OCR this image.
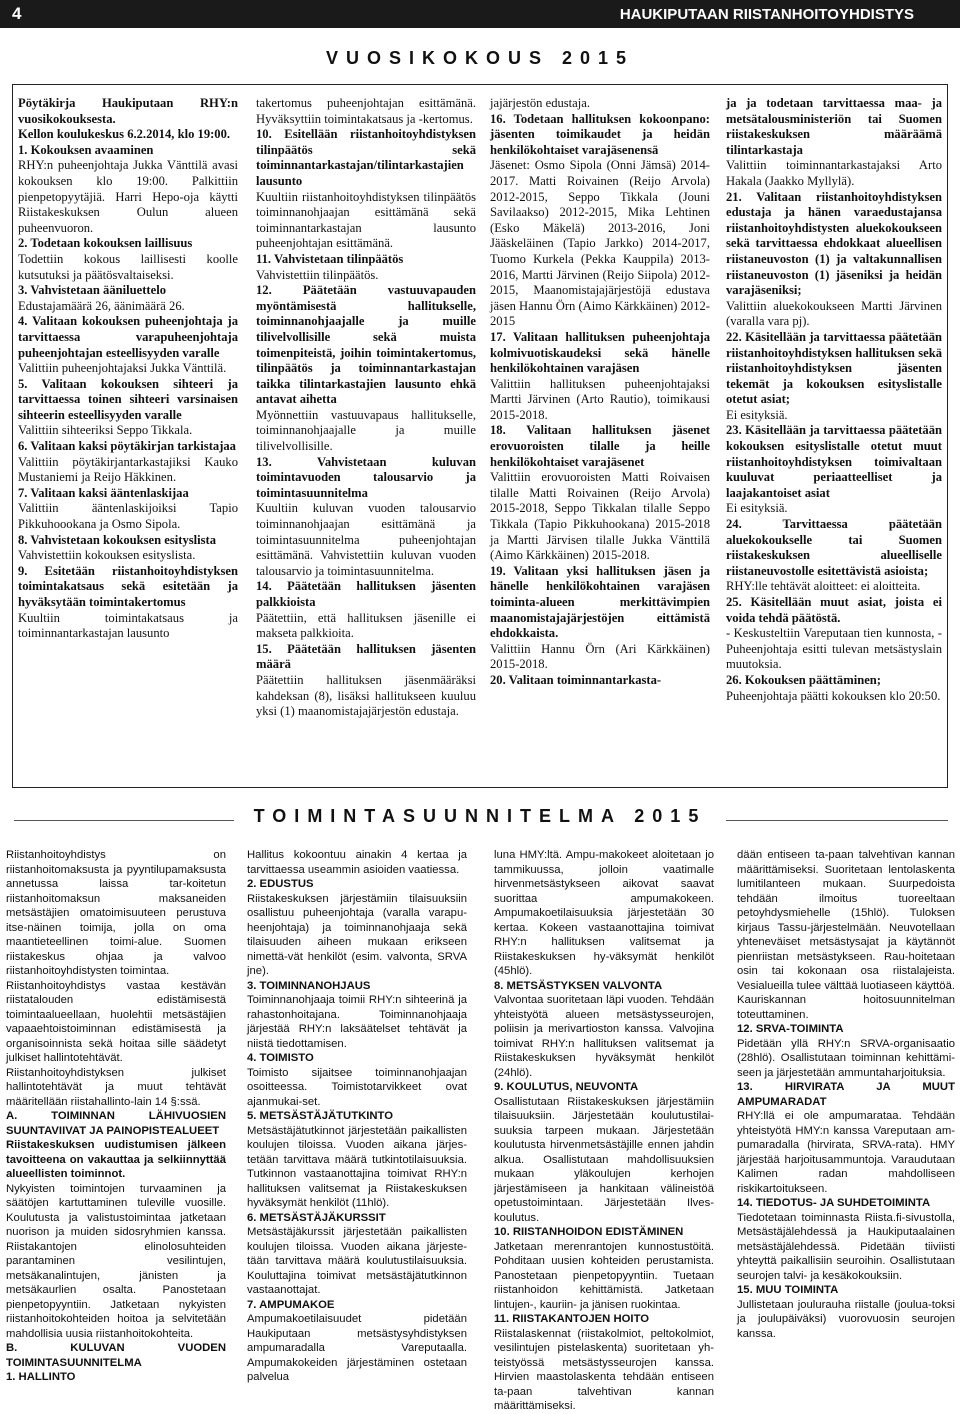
4	HAUKIPUTAAN RIISTANHOITOYHDISTYS
VUOSIKOKOUS 2015

Pöytäkirja Haukiputaan RHY:n vuosikokouksesta.

Kellon koulukeskus 6.2.2014, klo 19:00.

1. Kokouksen avaaminen

RHY:n puheenjohtaja Jukka Vänttilä avasi kokouksen klo 19:00. Palkittiin pienpetopyytäjiä. Harri Hepo-oja käytti Riistakeskuksen Oulun alueen puheenvuoron.

2. Todetaan kokouksen laillisuus

Todettiin kokous laillisesti koolle kutsutuksi ja päätösvaltaiseksi.

3. Vahvistetaan ääniluettelo

Edustajamäärä 26, äänimäärä 26.

4. Valitaan kokouksen puheenjohtaja ja tarvittaessa varapuheenjohtaja puheenjohtajan esteellisyyden varalle

Valittiin puheenjohtajaksi Jukka Vänttilä.

5. Valitaan kokouksen sihteeri ja tarvittaessa toinen sihteeri varsinaisen sihteerin esteellisyyden varalle

Valittiin sihteeriksi Seppo Tikkala.

6. Valitaan kaksi pöytäkirjan tarkistajaa

Valittiin pöytäkirjantarkastajiksi Kauko Mustaniemi ja Reijo Häkkinen.

7. Valitaan kaksi ääntenlaskijaa

Valittiin ääntenlaskijoiksi Tapio Pikkuhoookana ja Osmo Sipola.

8. Vahvistetaan kokouksen esityslista

Vahvistettiin kokouksen esityslista.

9. Esitetään riistanhoitoyhdistyksen toimintakatsaus sekä esitetään ja hyväksytään toimintakertomus

Kuultiin toimintakatsaus ja toiminnantarkastajan lausunto

takertomus puheenjohtajan esittämänä. Hyväksyttiin toimintakatsaus ja -kertomus.

10. Esitellään riistanhoitoyhdistyksen tilinpäätös sekä toiminnantarkastajan/tilintarkastajien lausunto

Kuultiin riistanhoitoyhdistyksen tilinpäätös toiminnanohjaajan esittämänä sekä toiminnantarkastajan lausunto puheenjohtajan esittämänä.

11. Vahvistetaan tilinpäätös

Vahvistettiin tilinpäätös.

12. Päätetään vastuuvapauden myöntämisestä hallitukselle, toiminnanohjaajalle ja muille tilivelvollisille sekä muista toimenpiteistä, joihin toimintakertomus, tilinpäätös ja toiminnantarkastajan taikka tilintarkastajien lausunto ehkä antavat aihetta

Myönnettiin vastuuvapaus hallitukselle, toiminnanohjaajalle ja muille tilivelvollisille.

13. Vahvistetaan kuluvan toimintavuoden talousarvio ja toimintasuunnitelma

Kuultiin kuluvan vuoden talousarvio toiminnanohjaajan esittämänä ja toimintasuunnitelma puheenjohtajan esittämänä. Vahvistettiin kuluvan vuoden talousarvio ja toimintasuunnitelma.

14. Päätetään hallituksen jäsenten palkkioista

Päätettiin, että hallituksen jäsenille ei makseta palkkioita.

15. Päätetään hallituksen jäsenten määrä

Päätettiin hallituksen jäsenmääräksi kahdeksan (8), lisäksi hallitukseen kuuluu yksi (1) maanomistajajärjestön edustaja.

jajärjestön edustaja.

16. Todetaan hallituksen kokoonpano: jäsenten toimikaudet ja heidän henkilökohtaiset varajäsenensä

Jäsenet: Osmo Sipola (Onni Jämsä) 2014-2017. Matti Roivainen (Reijo Arvola) 2012-2015, Seppo Tikkala (Jouni Savilaakso) 2012-2015, Mika Lehtinen (Esko Mäkelä) 2013-2016, Joni Jääskeläinen (Tapio Jarkko) 2014-2017, Tuomo Kurkela (Pekka Kauppila) 2013-2016, Martti Järvinen (Reijo Siipola) 2012-2015, Maanomistajajärjestöjä edustava jäsen Hannu Örn (Aimo Kärkkäinen) 2012-2015

17. Valitaan hallituksen puheenjohtaja kolmivuotiskaudeksi sekä hänelle henkilökohtainen varajäsen

Valittiin hallituksen puheenjohtajaksi Martti Järvinen (Arto Rautio), toimikausi 2015-2018.

18. Valitaan hallituksen jäsenet erovuoroisten tilalle ja heille henkilökohtaiset varajäsenet

Valittiin erovuoroisten Matti Roivaisen tilalle Matti Roivainen (Reijo Arvola) 2015-2018, Seppo Tikkalan tilalle Seppo Tikkala (Tapio Pikkuhookana) 2015-2018 ja Martti Järvisen tilalle Jukka Vänttilä (Aimo Kärkkäinen) 2015-2018.

19. Valitaan yksi hallituksen jäsen ja hänelle henkilökohtainen varajäsen toiminta-alueen merkittävimpien maanomistajajärjestöjen eittämistä ehdokkaista.

Valittiin Hannu Örn (Ari Kärkkäinen) 2015-2018.

20. Valitaan toiminnantarkasta-

ja ja todetaan tarvittaessa maa- ja metsätalousministeriön tai Suomen riistakeskuksen määräämä tilintarkastaja

Valittiin toiminnantarkastajaksi Arto Hakala (Jaakko Myllylä).

21. Valitaan riistanhoitoyhdistyksen edustaja ja hänen varaedustajansa riistanhoitoyhdistysten aluekokoukseen sekä tarvittaessa ehdokkaat alueellisen riistaneuvoston (1) ja valtakunnallisen riistaneuvoston (1) jäseniksi ja heidän varajäseniksi;

Valittiin aluekokoukseen Martti Järvinen (varalla vara pj).

22. Käsitellään ja tarvittaessa päätetään riistanhoitoyhdistyksen hallituksen sekä riistanhoitoyhdistyksen jäsenten tekemät ja kokouksen esityslistalle otetut asiat;

Ei esityksiä.

23. Käsitellään ja tarvittaessa päätetään kokouksen esityslistalle otetut muut riistanhoitoyhdistyksen toimivaltaan kuuluvat periaatteelliset ja laajakantoiset asiat

Ei esityksiä.

24. Tarvittaessa päätetään aluekokoukselle tai Suomen riistakeskuksen alueelliselle riistaneuvostolle esitettävistä asioista;

RHY:lle tehtävät aloitteet: ei aloitteita.

25. Käsitellään muut asiat, joista ei voida tehdä päätöstä.

- Keskusteltiin Vareputaan tien kunnosta, - Puheenjohtaja esitti tulevan metsästyslain muutoksia.

26. Kokouksen päättäminen;

Puheenjohtaja päätti kokouksen klo 20:50.

TOIMINTASUUNNITELMA 2015

Riistanhoitoyhdistys on riistanhoitomaksusta ja pyyntilupamaksusta annetussa laissa tar-koitetun riistanhoitomaksun maksaneiden metsästäjien omatoimisuuteen perustuva itse-näinen toimija, jolla on oma maantieteellinen toimi-alue. Suomen riistakeskus ohjaa ja valvoo riistanhoitoyhdistysten toimintaa.

Riistanhoitoyhdistys vastaa kestävän riistatalouden edistämisestä toimintaalueellaan, huolehtii metsästäjien vapaaehtoistoiminnan edistämisestä ja organisoinnista sekä hoitaa sille säädetyt julkiset hallintotehtävät.

Riistanhoitoyhdistyksen julkiset hallintotehtävät ja muut tehtävät määritellään riistahallinto-lain 14 §:ssä.

A. TOIMINNAN LÄHIVUOSIEN SUUNTAVIIVAT JA PAINOPISTEALUEET

Riistakeskuksen uudistumisen jälkeen tavoitteena on vakauttaa ja selkiinnyttää alueellisten toiminnot.

Nykyisten toimintojen turvaaminen ja säätöjen kartuttaminen tuleville vuosille. Koulutusta ja valistustoimintaa jatketaan nuorison ja muiden sidosryhmien kanssa. Riistakantojen elinolosuhteiden parantaminen vesilintujen, metsäkanalintujen, jänisten ja metsäkaurlien osalta. Panostetaan pienpetopyyntiin. Jatketaan nykyisten riistanhoitokohteiden hoitoa ja selvitetään mahdollisia uusia riistanhoitokohteita.

B. KULUVAN VUODEN TOIMINTASUUNNITELMA

1. HALLINTO

Hallitus kokoontuu ainakin 4 kertaa ja tarvittaessa useammin asioiden vaatiessa.

2. EDUSTUS

Riistakeskuksen järjestämiin tilaisuuksiin osallistuu puheenjohtaja (varalla varapu-heenjohtaja) ja toiminnanohjaaja sekä tilaisuuden aiheen mukaan erikseen nimettä-vät henkilöt (esim. valvonta, SRVA jne).

3. TOIMINNANOHJAUS

Toiminnanohjaaja toimii RHY:n sihteerinä ja rahastonhoitajana. Toiminnanohjaaja järjestää RHY:n laksäätelset tehtävät ja niistä tiedottamisen.

4. TOIMISTO

Toimisto sijaitsee toiminnanohjaajan osoitteessa. Toimistotarvikkeet ovat ajanmukai-set.

5. METSÄSTÄJÄTUTKINTO

Metsästäjätutkinnot järjestetään paikallisten koulujen tiloissa. Vuoden aikana järjes-tetään tarvittava määrä tutkintotilaisuuksia. Tutkinnon vastaanottajina toimivat RHY:n hallituksen valitsemat ja Riistakeskuksen hyväksymät henkilöt (11hlö).

6. METSÄSTÄJÄKURSSIT

Metsästäjäkurssit järjestetään paikallisten koulujen tiloissa. Vuoden aikana järjeste-tään tarvittava määrä koulutustilaisuuksia. Kouluttajina toimivat metsästäjätutkinnon vastaanottajat.

7. AMPUMAKOE

Ampumakoetilaisuudet pidetään Haukiputaan metsästysyhdistyksen ampumaradalla Vareputaalla. Ampumakokeiden järjestäminen ostetaan palvelua

luna HMY:ltä. Ampu-makokeet aloitetaan jo tammikuussa, jolloin vaatimalle hirvenmetsästykseen aikovat saavat suorittaa ampumakokeen. Ampumakoetilaisuuksia järjestetään 30 kertaa. Kokeen vastaanottajina toimivat RHY:n hallituksen valitsemat ja Riistakeskuksen hy-väksymät henkilöt (45hlö).

8. METSÄSTYKSEN VALVONTA

Valvontaa suoritetaan läpi vuoden. Tehdään yhteistyötä alueen metsästysseurojen, poliisin ja merivartioston kanssa. Valvojina toimivat RHY:n hallituksen valitsemat ja Riistakeskuksen hyväksymät henkilöt (24hlö).

9. KOULUTUS, NEUVONTA

Osallistutaan Riistakeskuksen järjestämiin tilaisuuksiin. Järjestetään koulutustilai-suuksia tarpeen mukaan. Järjestetään koulutusta hirvenmetsästäjille ennen jahdin alkua. Osallistutaan mahdollisuuksien mukaan yläkoulujen kerhojen järjestämiseen ja hankitaan välineistöä opetustoimintaan. Järjestetään Ilves-koulutus.

10. RIISTANHOIDON EDISTÄMINEN

Jatketaan merenrantojen kunnostustöitä. Pohditaan uusien kohteiden perustamista. Panostetaan pienpetopyyntiin. Tuetaan riistanhoidon kehittämistä. Jatketaan lintujen-, kauriin- ja jänisen ruokintaa.

11. RIISTAKANTOJEN HOITO

Riistalaskennat (riistakolmiot, peltokolmiot, vesilintujen pistelaskenta) suoritetaan yh-teistyössä metsästysseurojen kanssa. Hirvien maastolaskenta tehdään entiseen ta-paan talvehtivan kannan määrittämiseksi.

dään entiseen ta-paan talvehtivan kannan määrittämiseksi. Suoritetaan lentolaskenta lumitilanteen mukaan. Suurpedoista tehdään ilmoitus tuoreeltaan petoyhdysmiehelle (15hlö). Tuloksen kirjaus Tassu-järjestelmään. Neuvotellaan yhteneväiset metsästysajat ja käytännöt pienriistan metsästykseen. Rau-hoitetaan osin tai kokonaan osa riistalajeista. Vesialueilla tulee välttää luotiaseen käyttöä. Kauriskannan hoitosuunnitelman toteuttaminen.

12. SRVA-TOIMINTA

Pidetään yllä RHY:n SRVA-organisaatio (28hlö). Osallistutaan toiminnan kehittämi-seen ja järjestetään ammuntaharjoituksia.

13. HIRVIRATA JA MUUT AMPUMARADAT

RHY:llä ei ole ampumarataa. Tehdään yhteistyötä HMY:n kanssa Vareputaan am-pumaradalla (hirvirata, SRVA-rata). HMY järjestää harjoitusammuntoja. Varaudutaan Kalimen radan mahdolliseen riskikartoitukseen.

14. TIEDOTUS- JA SUHDETOIMINTA

Tiedotetaan toiminnasta Riista.fi-sivustolla, Metsästäjälehdessä ja Haukiputaalainen metsästäjälehdessä. Pidetään tiiviisti yhteyttä paikallisiin seuroihin. Osallistutaan seurojen talvi- ja kesäkokouksiin.

15. MUU TOIMINTA

Jullistetaan joulurauha riistalle (joulua-toksi ja joulupäiväksi) vuorovuosin seurojen kanssa.
